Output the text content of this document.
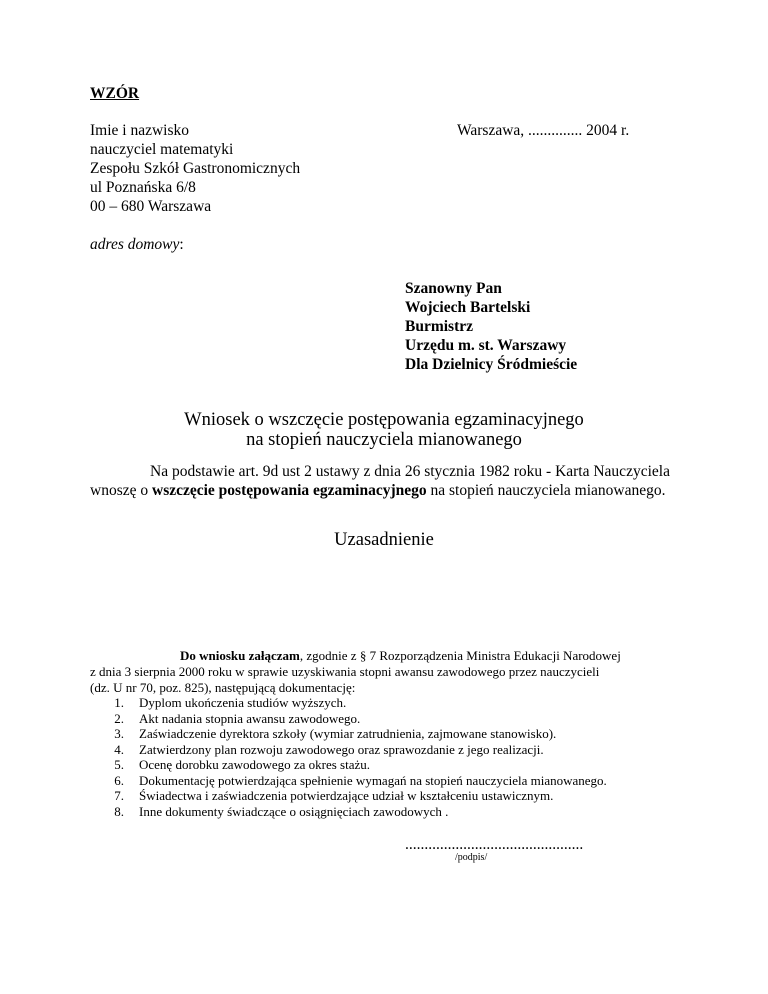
WZÓR
Imie i nazwisko
nauczyciel matematyki
Zespołu Szkół Gastronomicznych
ul Poznańska 6/8
00 – 680 Warszawa
Warszawa, .............. 2004 r.
adres domowy:
Szanowny Pan
Wojciech Bartelski
Burmistrz
Urzędu m. st. Warszawy
Dla Dzielnicy Śródmieście
Wniosek o wszczęcie postępowania egzaminacyjnego
na stopień nauczyciela mianowanego
Na podstawie art. 9d ust 2 ustawy z dnia 26 stycznia 1982 roku - Karta Nauczyciela
wnoszę o wszczęcie postępowania egzaminacyjnego na stopień nauczyciela mianowanego.
Uzasadnienie
Do wniosku załączam, zgodnie z § 7 Rozporządzenia Ministra Edukacji Narodowej
z dnia 3 sierpnia 2000 roku w sprawie uzyskiwania stopni awansu zawodowego przez nauczycieli
(dz. U nr 70, poz. 825), następującą dokumentację:
1.	Dyplom ukończenia studiów wyższych.
2.	Akt nadania stopnia awansu zawodowego.
3.	Zaświadczenie dyrektora szkoły (wymiar zatrudnienia, zajmowane stanowisko).
4.	Zatwierdzony plan rozwoju zawodowego oraz sprawozdanie z jego realizacji.
5.	Ocenę dorobku zawodowego za okres stażu.
6.	Dokumentację potwierdzająca spełnienie wymagań na stopień nauczyciela mianowanego.
7.	Świadectwa i zaświadczenia potwierdzające udział w kształceniu ustawicznym.
8.	Inne dokumenty świadczące o osiągnięciach zawodowych .
..............................................
/podpis/
